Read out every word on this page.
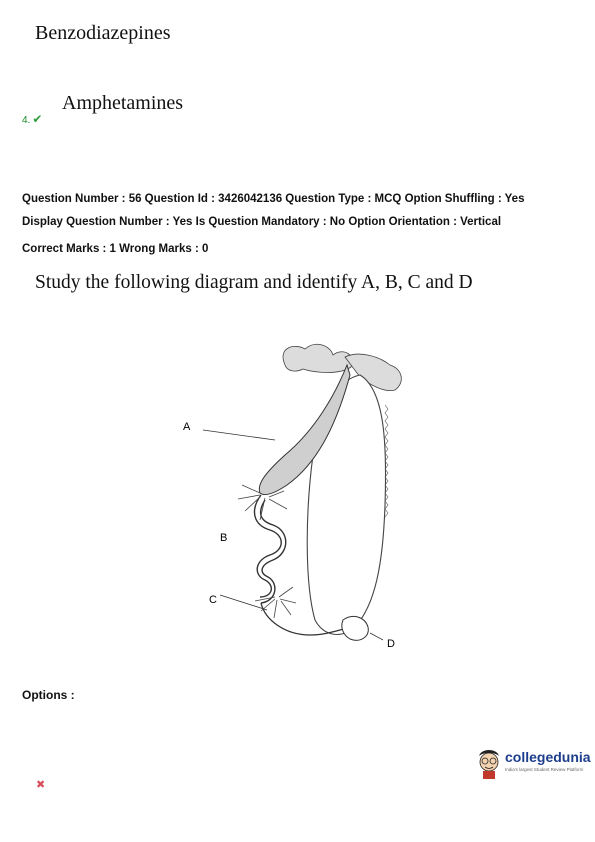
Benzodiazepines
4. ✔
Amphetamines
Question Number : 56 Question Id : 3426042136 Question Type : MCQ Option Shuffling : Yes
Display Question Number : Yes Is Question Mandatory : No Option Orientation : Vertical
Correct Marks : 1 Wrong Marks : 0
Study the following diagram and identify A, B, C and D
A
B
C
D
Options :
collegedunia
India's largest Student Review Platform
✖
